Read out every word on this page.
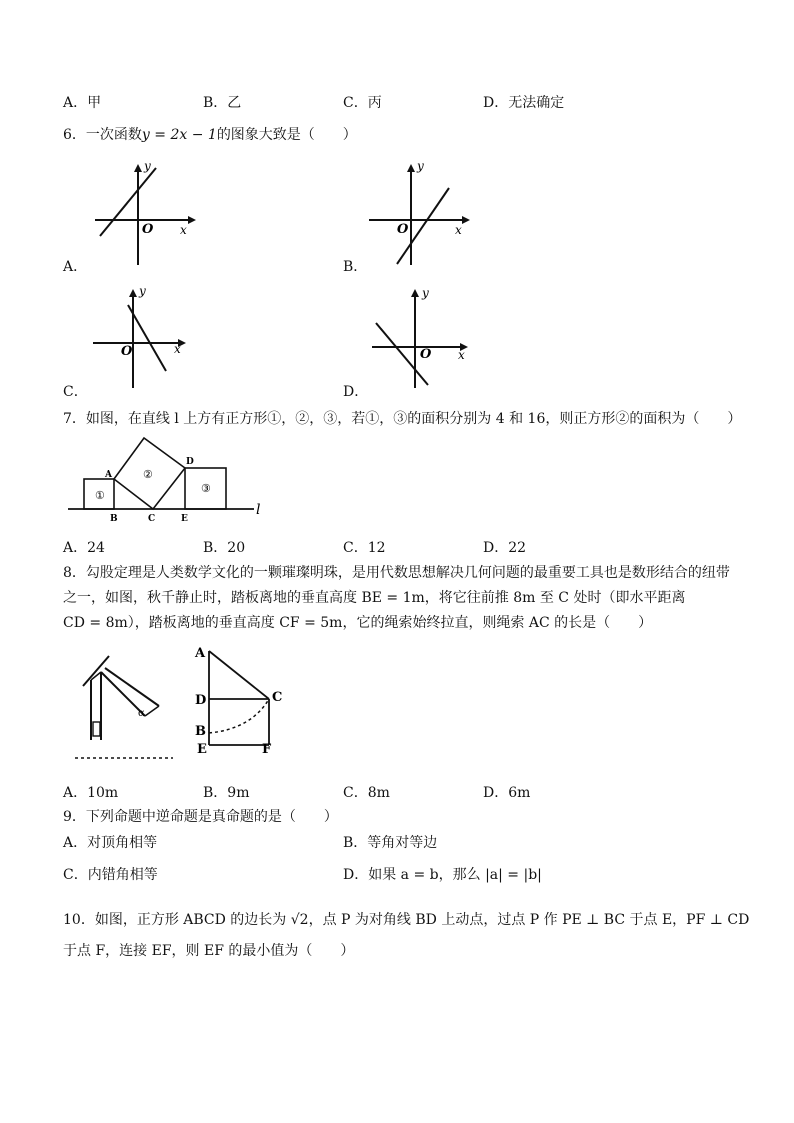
A．甲	B．乙	C．丙	D．无法确定
6．一次函数y = 2x − 1的图象大致是（　　）
y
O x
A．
y
O	x
B．
y
O	x
C．
y
O x
D．
7．如图，在直线 l 上方有正方形①，②，③，若①，③的面积分别为 4 和 16，则正方形②的面积为（　　）
①
②
③
A
B	C
D
E
l
A．24	B．20	C．12	D．22
8．勾股定理是人类数学文化的一颗璀璨明珠，是用代数思想解决几何问题的最重要工具也是数形结合的纽带
之一，如图，秋千静止时，踏板离地的垂直高度 BE = 1m，将它往前推 8m 至 C 处时（即水平距离
CD = 8m），踏板离地的垂直高度 CF = 5m，它的绳索始终拉直，则绳索 AC 的长是（　　）
α
A
D
B
E
C
F
A．10m	B．9m	C．8m	D．6m
9．下列命题中逆命题是真命题的是（　　）
A．对顶角相等	B．等角对等边
C．内错角相等	D．如果 a = b，那么 |a| = |b|
10．如图，正方形 ABCD 的边长为 √2，点 P 为对角线 BD 上动点，过点 P 作 PE ⊥ BC 于点 E，PF ⊥ CD
于点 F，连接 EF，则 EF 的最小值为（　　）
